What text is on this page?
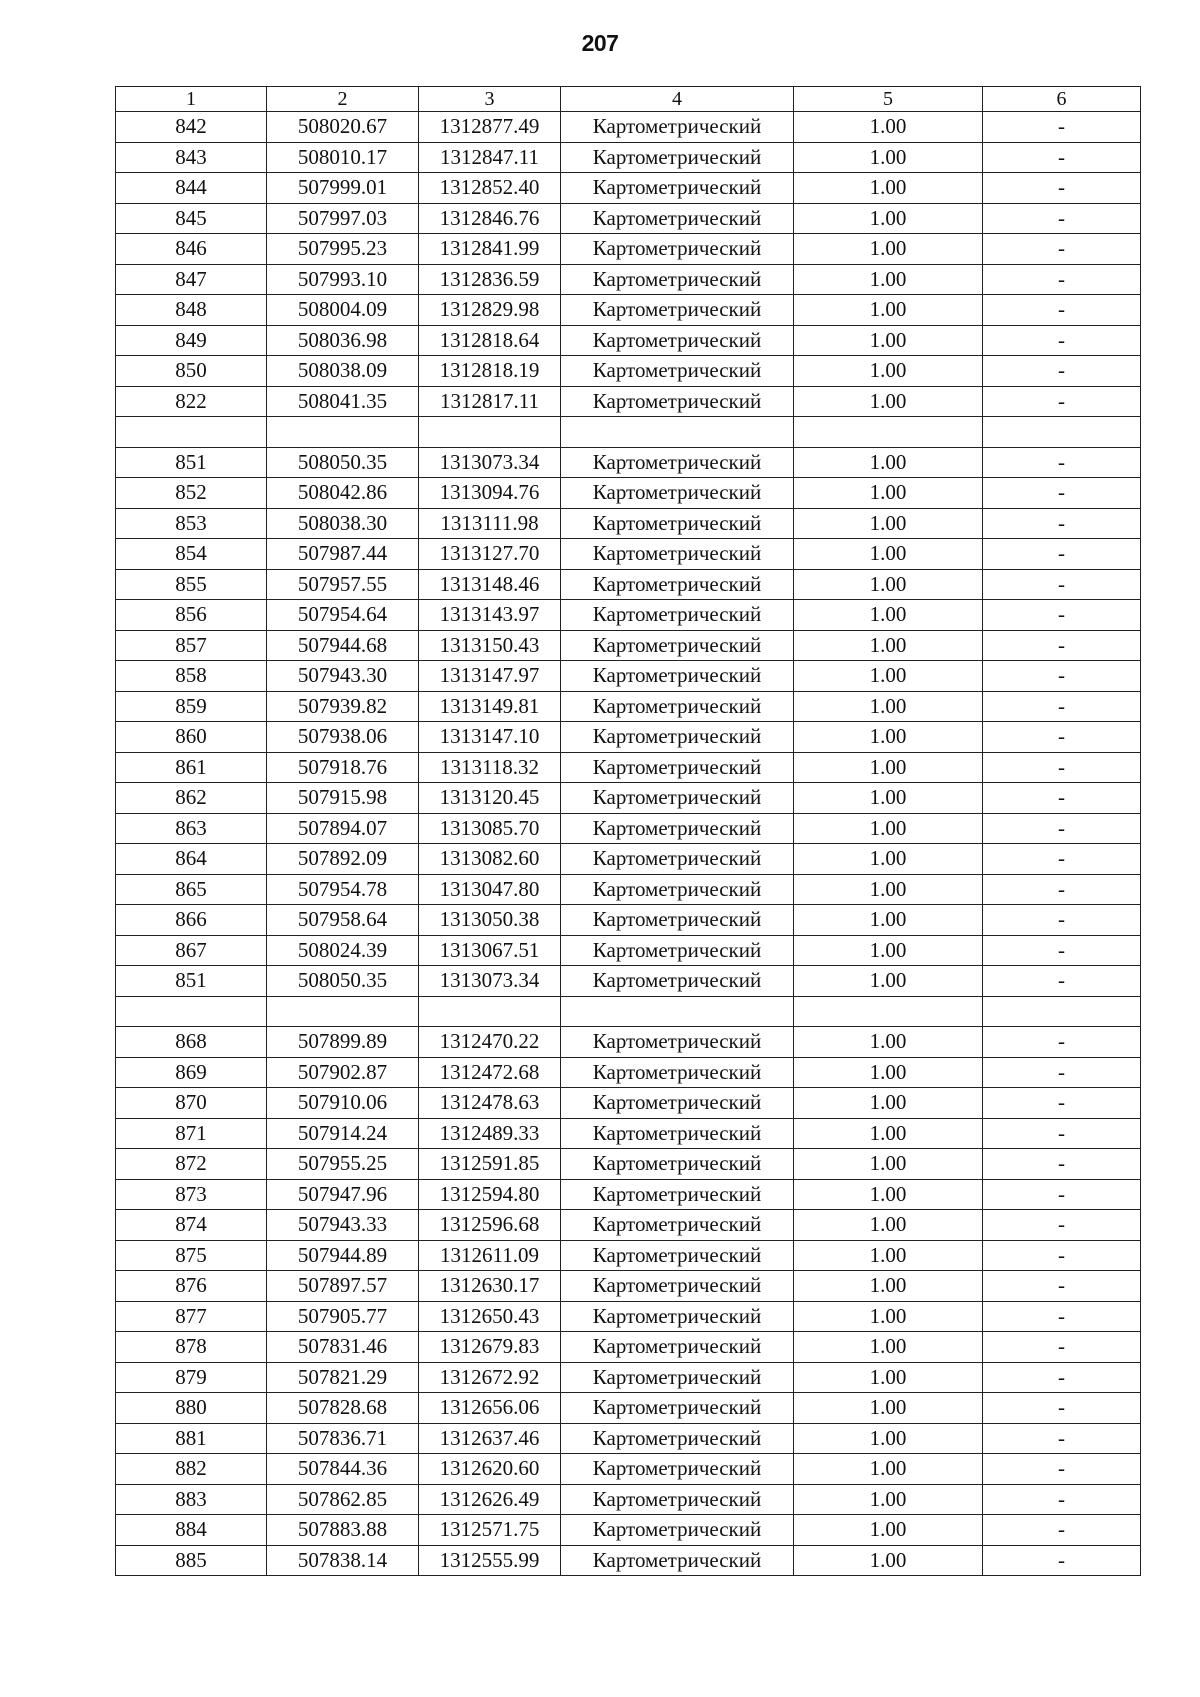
207
1	2	3	4	5	6
842	508020.67	1312877.49	Картометрический	1.00	-
843	508010.17	1312847.11	Картометрический	1.00	-
844	507999.01	1312852.40	Картометрический	1.00	-
845	507997.03	1312846.76	Картометрический	1.00	-
846	507995.23	1312841.99	Картометрический	1.00	-
847	507993.10	1312836.59	Картометрический	1.00	-
848	508004.09	1312829.98	Картометрический	1.00	-
849	508036.98	1312818.64	Картометрический	1.00	-
850	508038.09	1312818.19	Картометрический	1.00	-
822	508041.35	1312817.11	Картометрический	1.00	-

851	508050.35	1313073.34	Картометрический	1.00	-
852	508042.86	1313094.76	Картометрический	1.00	-
853	508038.30	1313111.98	Картометрический	1.00	-
854	507987.44	1313127.70	Картометрический	1.00	-
855	507957.55	1313148.46	Картометрический	1.00	-
856	507954.64	1313143.97	Картометрический	1.00	-
857	507944.68	1313150.43	Картометрический	1.00	-
858	507943.30	1313147.97	Картометрический	1.00	-
859	507939.82	1313149.81	Картометрический	1.00	-
860	507938.06	1313147.10	Картометрический	1.00	-
861	507918.76	1313118.32	Картометрический	1.00	-
862	507915.98	1313120.45	Картометрический	1.00	-
863	507894.07	1313085.70	Картометрический	1.00	-
864	507892.09	1313082.60	Картометрический	1.00	-
865	507954.78	1313047.80	Картометрический	1.00	-
866	507958.64	1313050.38	Картометрический	1.00	-
867	508024.39	1313067.51	Картометрический	1.00	-
851	508050.35	1313073.34	Картометрический	1.00	-

868	507899.89	1312470.22	Картометрический	1.00	-
869	507902.87	1312472.68	Картометрический	1.00	-
870	507910.06	1312478.63	Картометрический	1.00	-
871	507914.24	1312489.33	Картометрический	1.00	-
872	507955.25	1312591.85	Картометрический	1.00	-
873	507947.96	1312594.80	Картометрический	1.00	-
874	507943.33	1312596.68	Картометрический	1.00	-
875	507944.89	1312611.09	Картометрический	1.00	-
876	507897.57	1312630.17	Картометрический	1.00	-
877	507905.77	1312650.43	Картометрический	1.00	-
878	507831.46	1312679.83	Картометрический	1.00	-
879	507821.29	1312672.92	Картометрический	1.00	-
880	507828.68	1312656.06	Картометрический	1.00	-
881	507836.71	1312637.46	Картометрический	1.00	-
882	507844.36	1312620.60	Картометрический	1.00	-
883	507862.85	1312626.49	Картометрический	1.00	-
884	507883.88	1312571.75	Картометрический	1.00	-
885	507838.14	1312555.99	Картометрический	1.00	-
